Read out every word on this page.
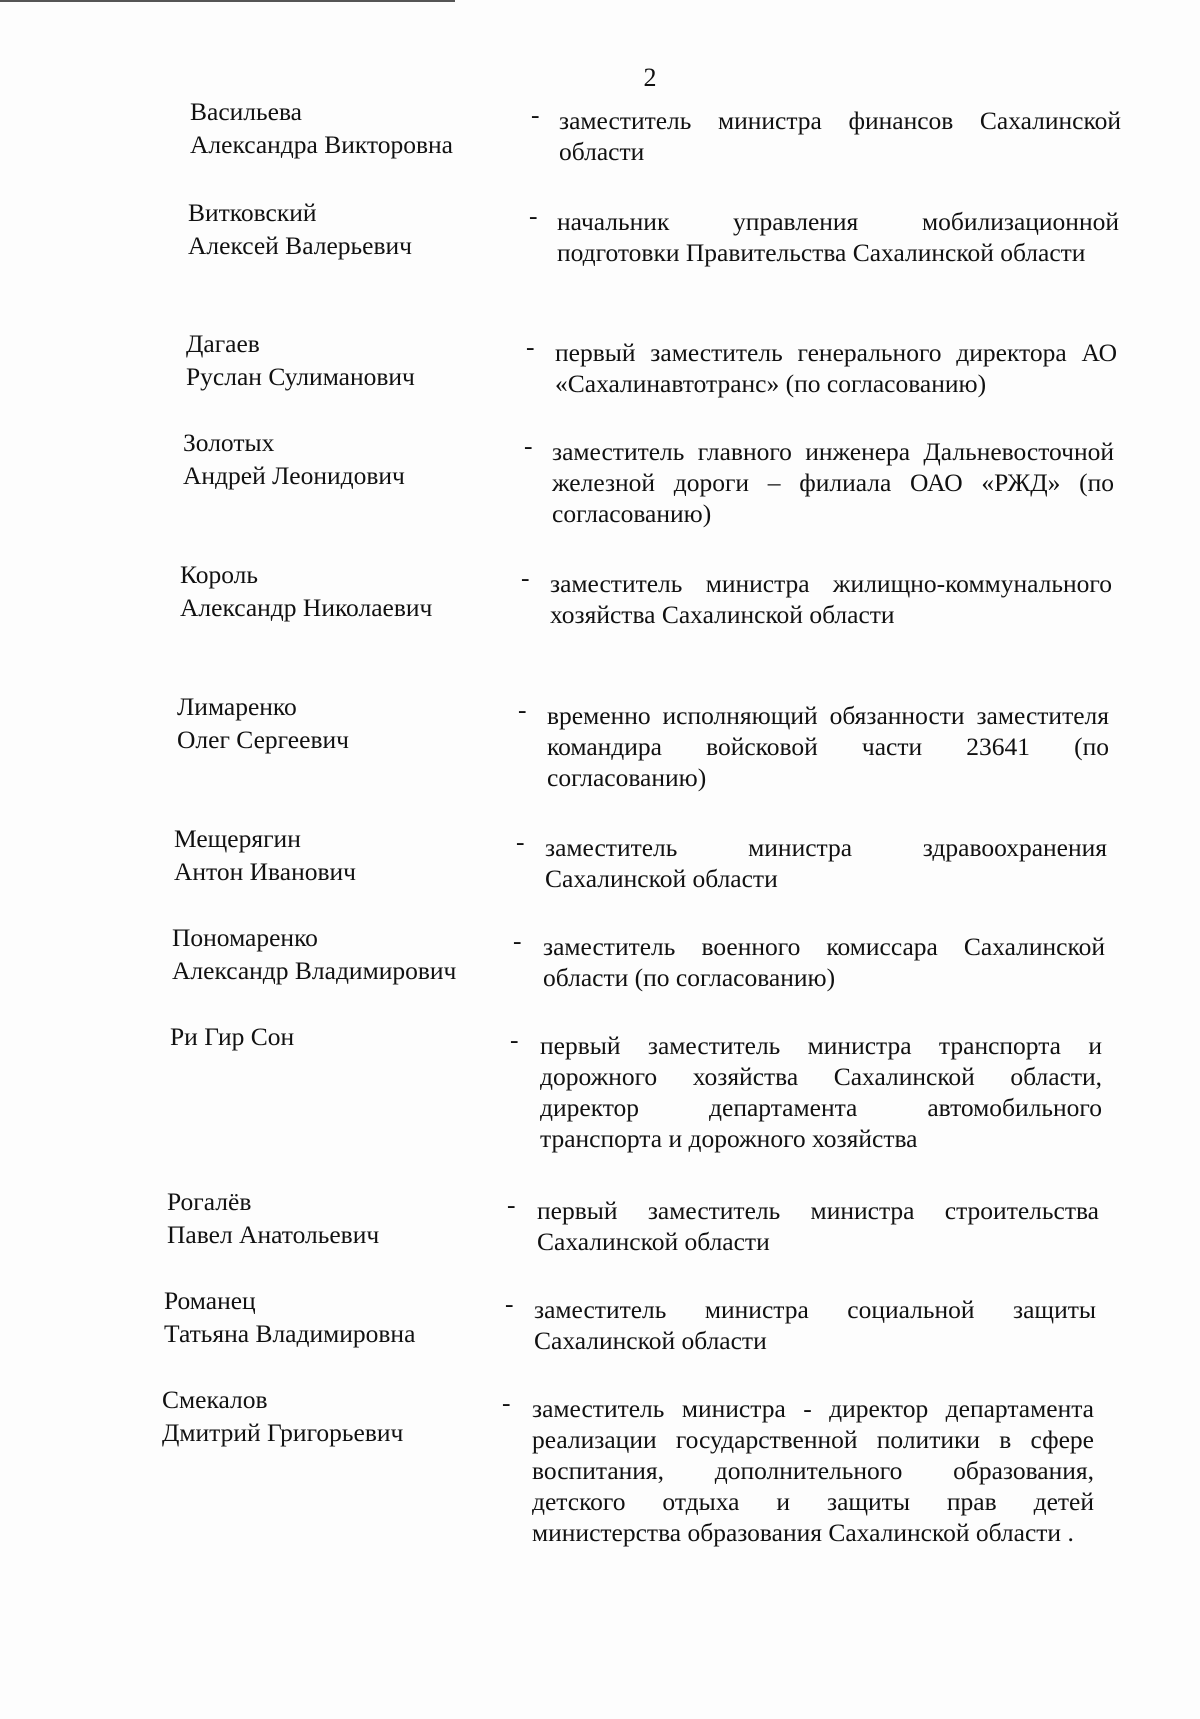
2
Васильева
Александра Викторовна
- заместитель министра финансов Сахалинской области
Витковский
Алексей Валерьевич
- начальник управления мобилизационной подготовки Правительства Сахалинской области
Дагаев
Руслан Сулиманович
- первый заместитель генерального директора АО «Сахалинавтотранс» (по согласованию)
Золотых
Андрей Леонидович
- заместитель главного инженера Дальневосточной железной дороги – филиала ОАО «РЖД» (по согласованию)
Король
Александр Николаевич
- заместитель министра жилищно-коммунального хозяйства Сахалинской области
Лимаренко
Олег Сергеевич
- временно исполняющий обязанности заместителя командира войсковой части 23641 (по согласованию)
Мещерягин
Антон Иванович
- заместитель министра здравоохранения Сахалинской области
Пономаренко
Александр Владимирович
- заместитель военного комиссара Сахалинской области (по согласованию)
Ри Гир Сон	- первый заместитель министра транспорта и дорожного хозяйства Сахалинской области, директор департамента автомобильного транспорта и дорожного хозяйства
Рогалёв
Павел Анатольевич
- первый заместитель министра строительства Сахалинской области
Романец
Татьяна Владимировна
- заместитель министра социальной защиты Сахалинской области
Смекалов
Дмитрий Григорьевич
- заместитель министра - директор департамента реализации государственной политики в сфере воспитания, дополнительного образования, детского отдыха и защиты прав детей министерства образования Сахалинской области .
